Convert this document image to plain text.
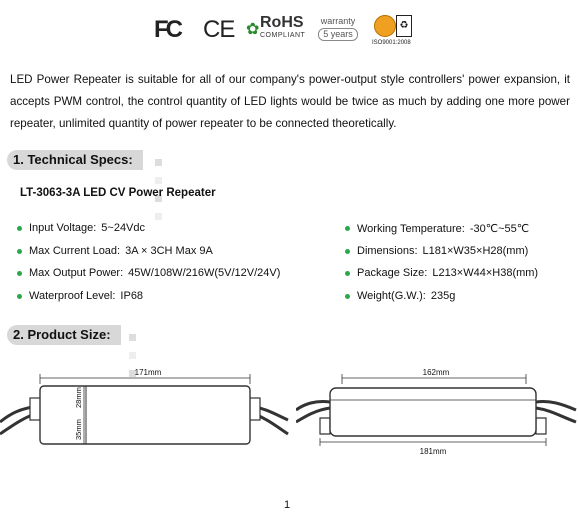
FC CE ✿ RoHS
COMPLIANT
warranty
5 years
♻
ISO9001:2008
LED Power Repeater is suitable for all of our company's power-output style controllers' power expansion, it accepts PWM control, the control quantity of LED lights would be twice as much by adding one more power repeater, unlimited quantity of power repeater to be connected theoretically.
1. Technical Specs:
LT-3063-3A LED CV Power Repeater
Input Voltage: 5~24Vdc
Max Current Load: 3A × 3CH Max 9A
Max Output Power: 45W/108W/216W(5V/12V/24V)
Waterproof Level: IP68
Working Temperature: -30℃~55℃
Dimensions: L181×W35×H28(mm)
Package Size: L213×W44×H38(mm)
Weight(G.W.): 235g
2. Product Size:
171mm
28mm
35mm
162mm
181mm
1
